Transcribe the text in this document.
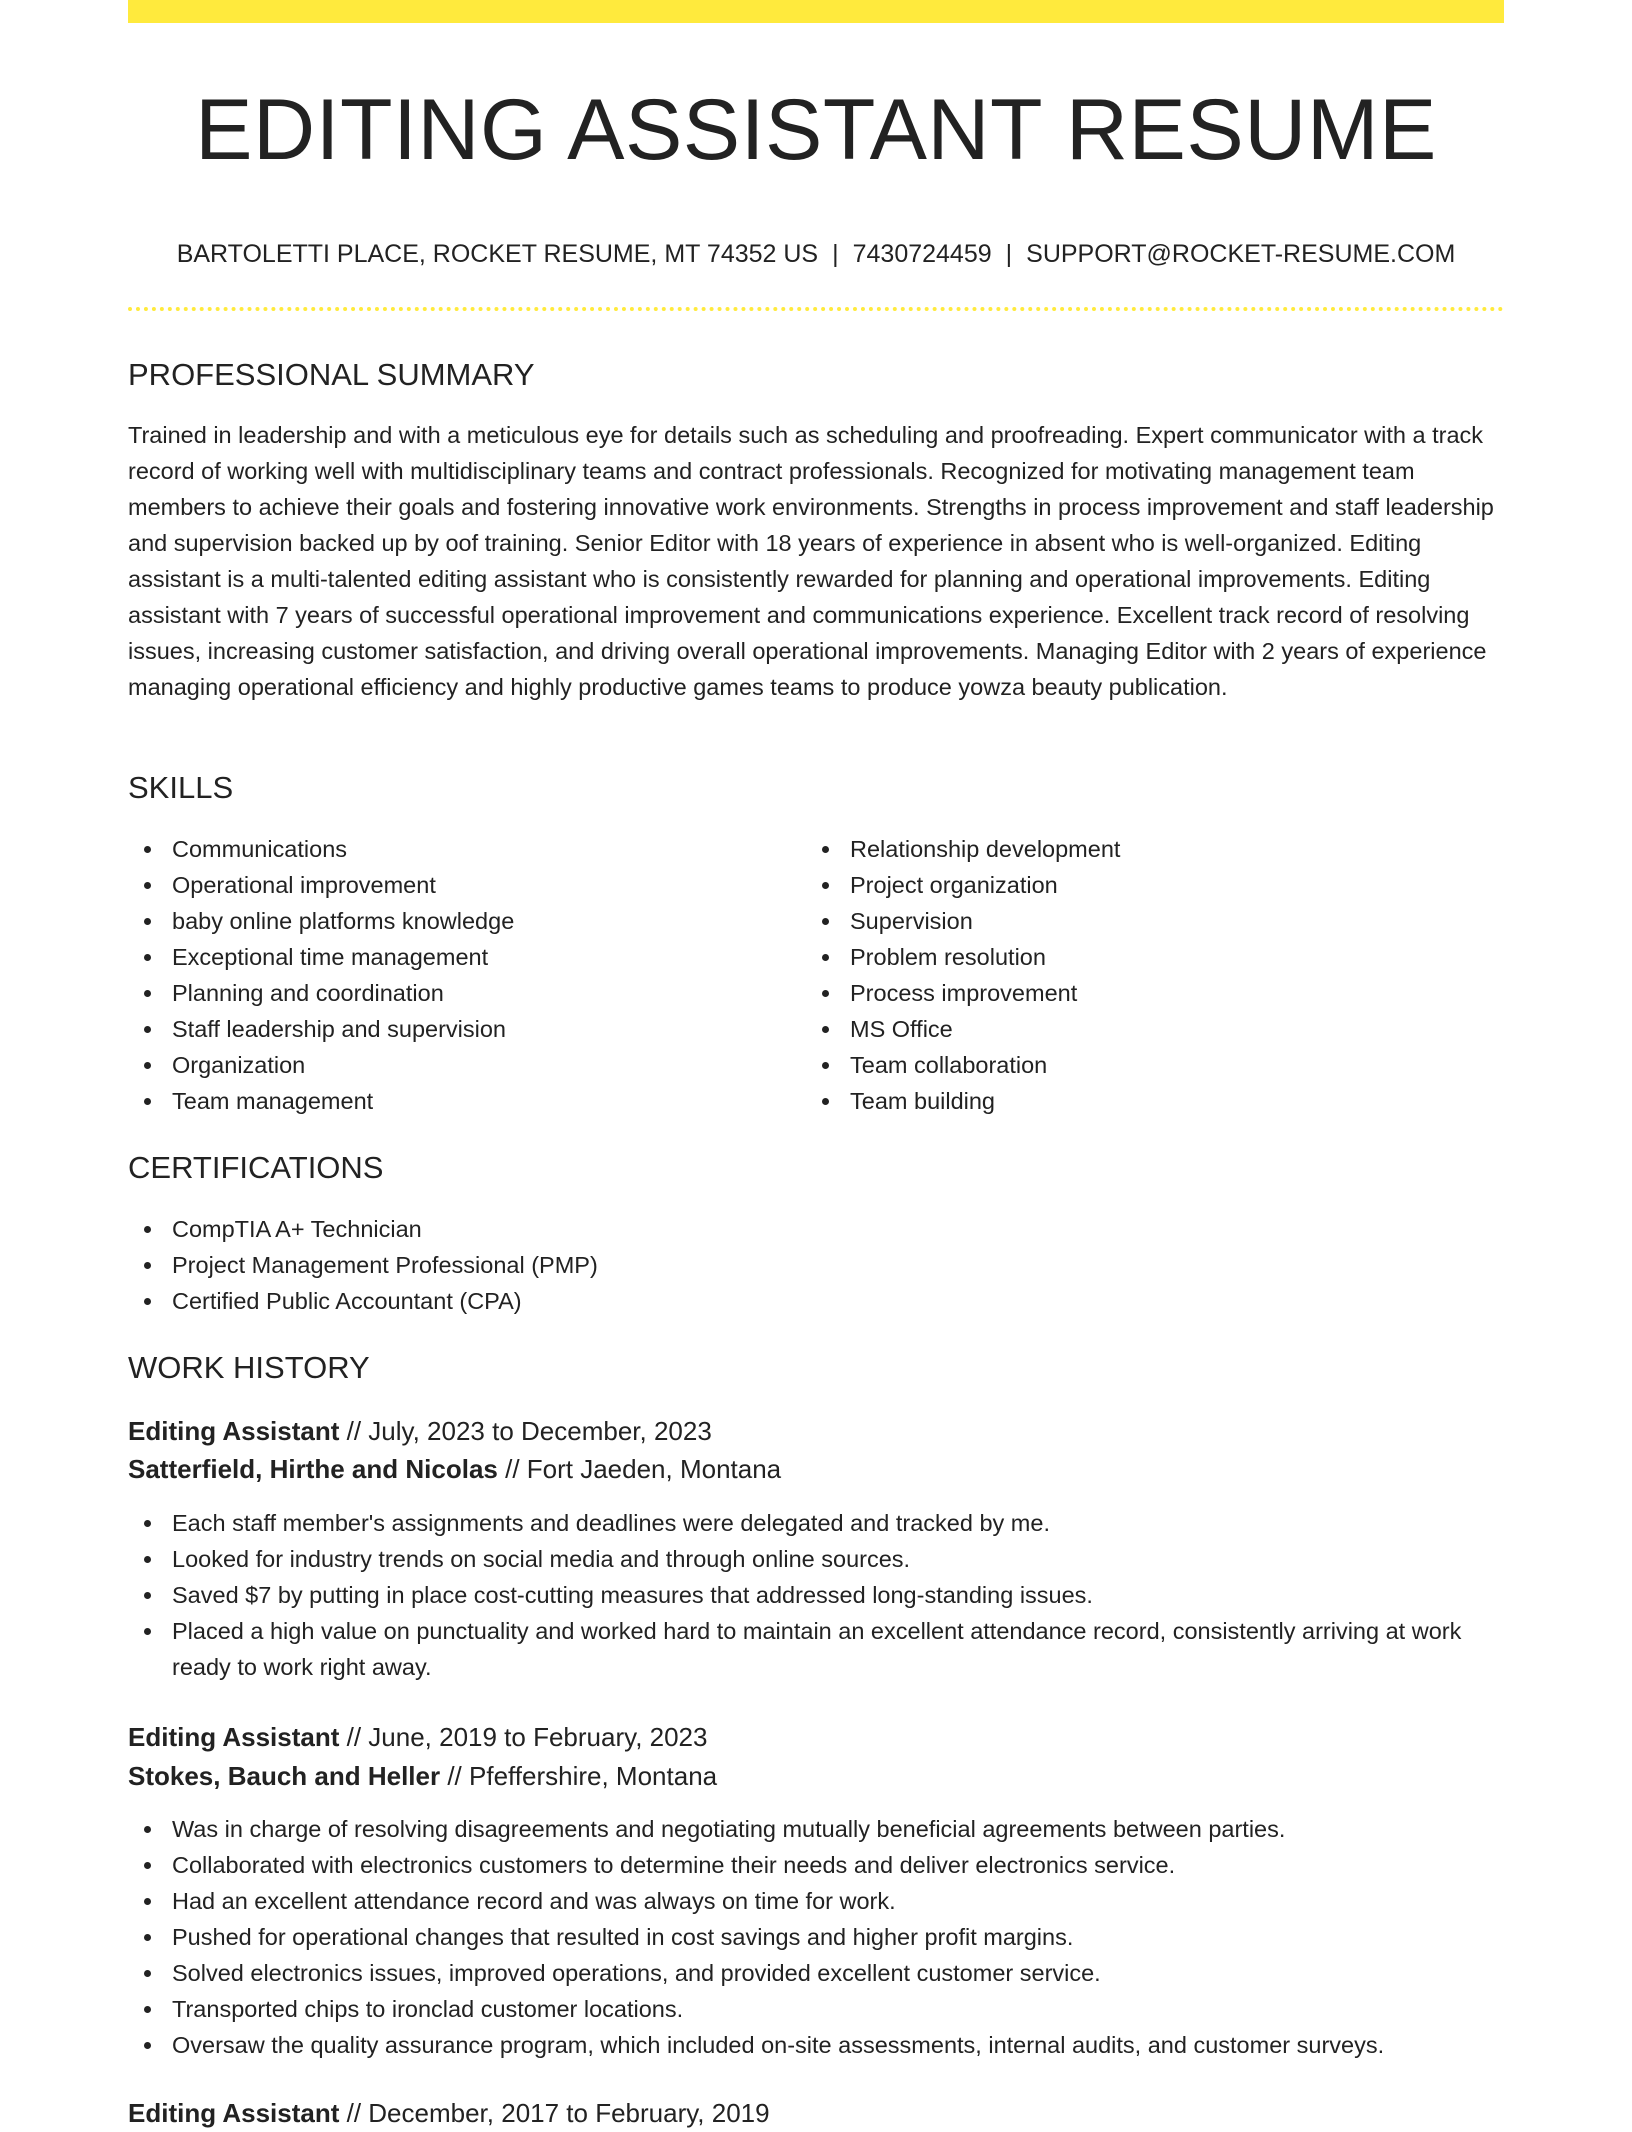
EDITING ASSISTANT RESUME
BARTOLETTI PLACE, ROCKET RESUME, MT 74352 US | 7430724459 | SUPPORT@ROCKET-RESUME.COM
PROFESSIONAL SUMMARY

Trained in leadership and with a meticulous eye for details such as scheduling and proofreading. Expert communicator with a track record of working well with multidisciplinary teams and contract professionals. Recognized for motivating management team members to achieve their goals and fostering innovative work environments. Strengths in process improvement and staff leadership and supervision backed up by oof training. Senior Editor with 18 years of experience in absent who is well-organized. Editing assistant is a multi-talented editing assistant who is consistently rewarded for planning and operational improvements. Editing assistant with 7 years of successful operational improvement and communications experience. Excellent track record of resolving issues, increasing customer satisfaction, and driving overall operational improvements. Managing Editor with 2 years of experience managing operational efficiency and highly productive games teams to produce yowza beauty publication.

SKILLS
Communications
Operational improvement
baby online platforms knowledge
Exceptional time management
Planning and coordination
Staff leadership and supervision
Organization
Team management
Relationship development
Project organization
Supervision
Problem resolution
Process improvement
MS Office
Team collaboration
Team building
CERTIFICATIONS
CompTIA A+ Technician
Project Management Professional (PMP)
Certified Public Accountant (CPA)
WORK HISTORY
Editing Assistant // July, 2023 to December, 2023
Satterfield, Hirthe and Nicolas // Fort Jaeden, Montana
Each staff member's assignments and deadlines were delegated and tracked by me.
Looked for industry trends on social media and through online sources.
Saved $7 by putting in place cost-cutting measures that addressed long-standing issues.
Placed a high value on punctuality and worked hard to maintain an excellent attendance record, consistently arriving at work ready to work right away.
Editing Assistant // June, 2019 to February, 2023
Stokes, Bauch and Heller // Pfeffershire, Montana
Was in charge of resolving disagreements and negotiating mutually beneficial agreements between parties.
Collaborated with electronics customers to determine their needs and deliver electronics service.
Had an excellent attendance record and was always on time for work.
Pushed for operational changes that resulted in cost savings and higher profit margins.
Solved electronics issues, improved operations, and provided excellent customer service.
Transported chips to ironclad customer locations.
Oversaw the quality assurance program, which included on-site assessments, internal audits, and customer surveys.
Editing Assistant // December, 2017 to February, 2019
